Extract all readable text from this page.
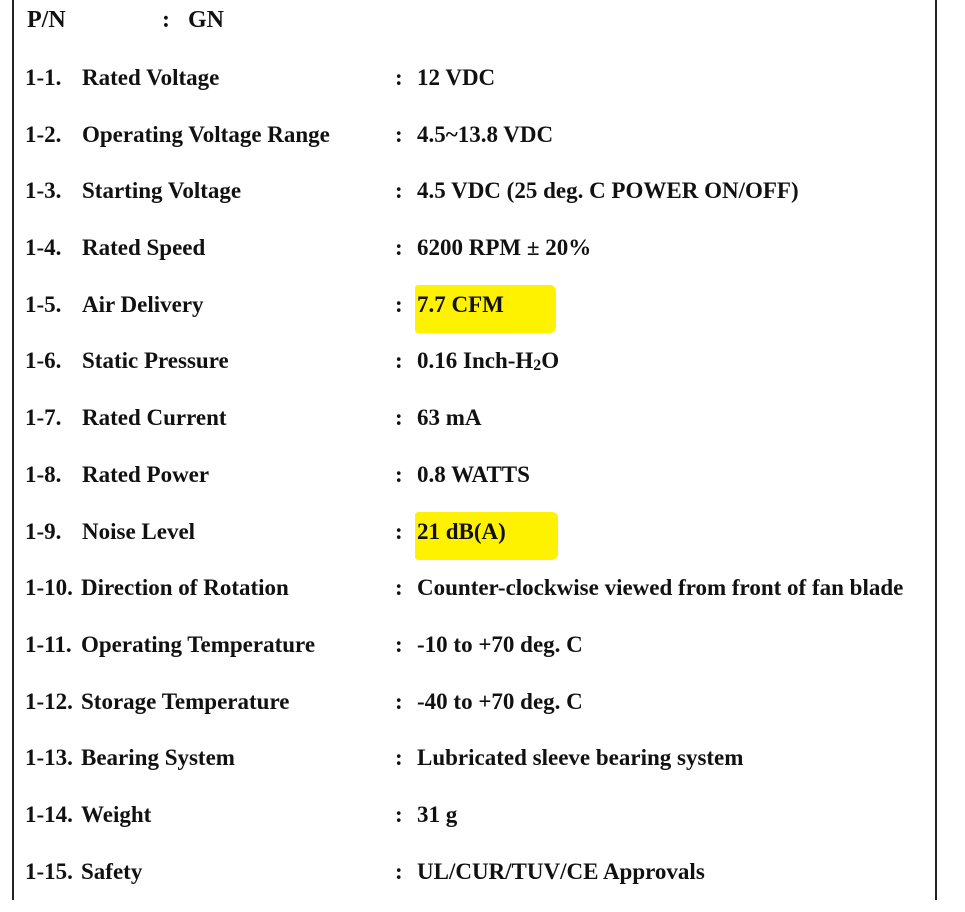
P/N	: GN
1-1. Rated Voltage	: 12 VDC
1-2. Operating Voltage Range	: 4.5~13.8 VDC
1-3. Starting Voltage	: 4.5 VDC (25 deg. C POWER ON/OFF)
1-4. Rated Speed	: 6200 RPM ± 20%
1-5. Air Delivery	: 7.7 CFM
1-6. Static Pressure	: 0.16 Inch-H2O
1-7. Rated Current	: 63 mA
1-8. Rated Power	: 0.8 WATTS
1-9. Noise Level	: 21 dB(A)
1-10. Direction of Rotation	: Counter-clockwise viewed from front of fan blade
1-11. Operating Temperature	: -10 to +70 deg. C
1-12. Storage Temperature	: -40 to +70 deg. C
1-13. Bearing System	: Lubricated sleeve bearing system
1-14. Weight	: 31 g
1-15. Safety	: UL/CUR/TUV/CE Approvals
